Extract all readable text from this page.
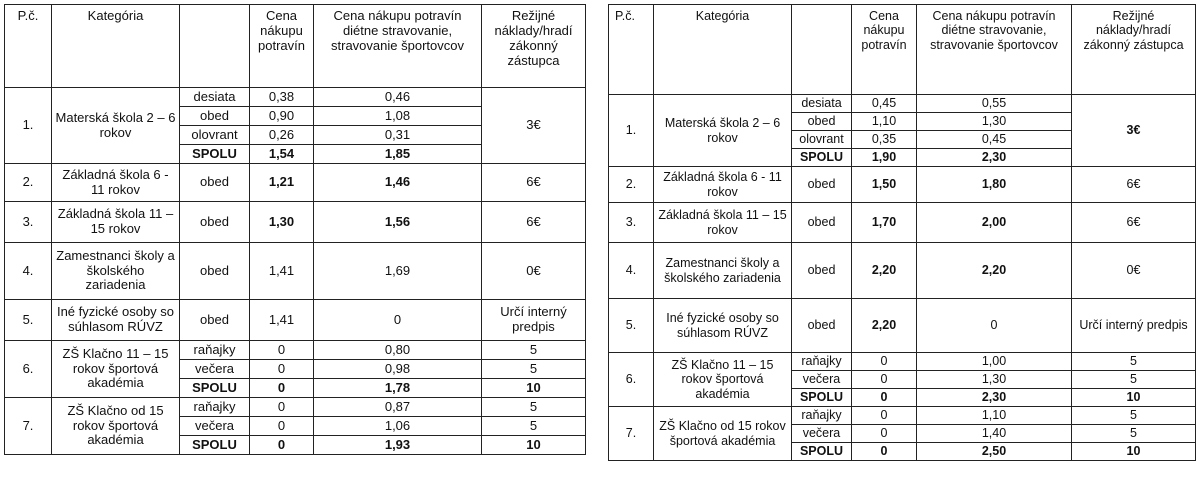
P.č.	Kategória		Cena nákupu potravín	Cena nákupu potravín diétne stravovanie, stravovanie športovcov	Režijné náklady/hradí zákonný zástupca
1.	Materská škola 2 – 6 rokov	desiata	0,38	0,46	3€
		obed	0,90	1,08	
		olovrant	0,26	0,31	
		SPOLU	1,54	1,85	
2.	Základná škola 6 - 11 rokov	obed	1,21	1,46	6€
3.	Základná škola 11 – 15 rokov	obed	1,30	1,56	6€
4.	Zamestnanci školy a školského zariadenia	obed	1,41	1,69	0€
5.	Iné fyzické osoby so súhlasom RÚVZ	obed	1,41	0	Určí interný predpis
6.	ZŠ Klačno 11 – 15 rokov športová akadémia	raňajky	0	0,80	5
		večera	0	0,98	5
		SPOLU	0	1,78	10
7.	ZŠ Klačno od 15 rokov športová akadémia	raňajky	0	0,87	5
		večera	0	1,06	5
		SPOLU	0	1,93	10
P.č.	Kategória		Cena nákupu potravín	Cena nákupu potravín diétne stravovanie, stravovanie športovcov	Režijné náklady/hradí zákonný zástupca
1.	Materská škola 2 – 6 rokov	desiata	0,45	0,55	3€
		obed	1,10	1,30	
		olovrant	0,35	0,45	
		SPOLU	1,90	2,30	
2.	Základná škola 6 - 11 rokov	obed	1,50	1,80	6€
3.	Základná škola 11 – 15 rokov	obed	1,70	2,00	6€
4.	Zamestnanci školy a školského zariadenia	obed	2,20	2,20	0€
5.	Iné fyzické osoby so súhlasom RÚVZ	obed	2,20	0	Určí interný predpis
6.	ZŠ Klačno 11 – 15 rokov športová akadémia	raňajky	0	1,00	5
		večera	0	1,30	5
		SPOLU	0	2,30	10
7.	ZŠ Klačno od 15 rokov športová akadémia	raňajky	0	1,10	5
		večera	0	1,40	5
		SPOLU	0	2,50	10
